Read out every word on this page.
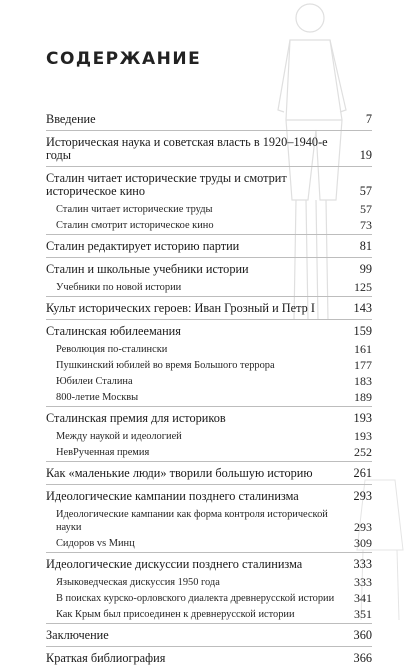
СОДЕРЖАНИЕ
Введение	7
Историческая наука и советская власть в 1920–1940-е годы	19
Сталин читает исторические труды и смотрит историческое кино	57
Сталин читает исторические труды	57
Сталин смотрит историческое кино	73
Сталин редактирует историю партии	81
Сталин и школьные учебники истории	99
Учебники по новой истории	125
Культ исторических героев: Иван Грозный и Петр I	143
Сталинская юбилеемания	159
Революция по-сталински	161
Пушкинский юбилей во время Большого террора	177
Юбилеи Сталина	183
800-летие Москвы	189
Сталинская премия для историков	193
Между наукой и идеологией	193
НевРученная премия	252
Как «маленькие люди» творили большую историю	261
Идеологические кампании позднего сталинизма	293
Идеологические кампании как форма контроля исторической науки	293
Сидоров vs Минц	309
Идеологические дискуссии позднего сталинизма	333
Языковедческая дискуссия 1950 года	333
В поисках курско-орловского диалекта древнерусской истории	341
Как Крым был присоединен к древнерусской истории	351
Заключение	360
Краткая библиография	366
